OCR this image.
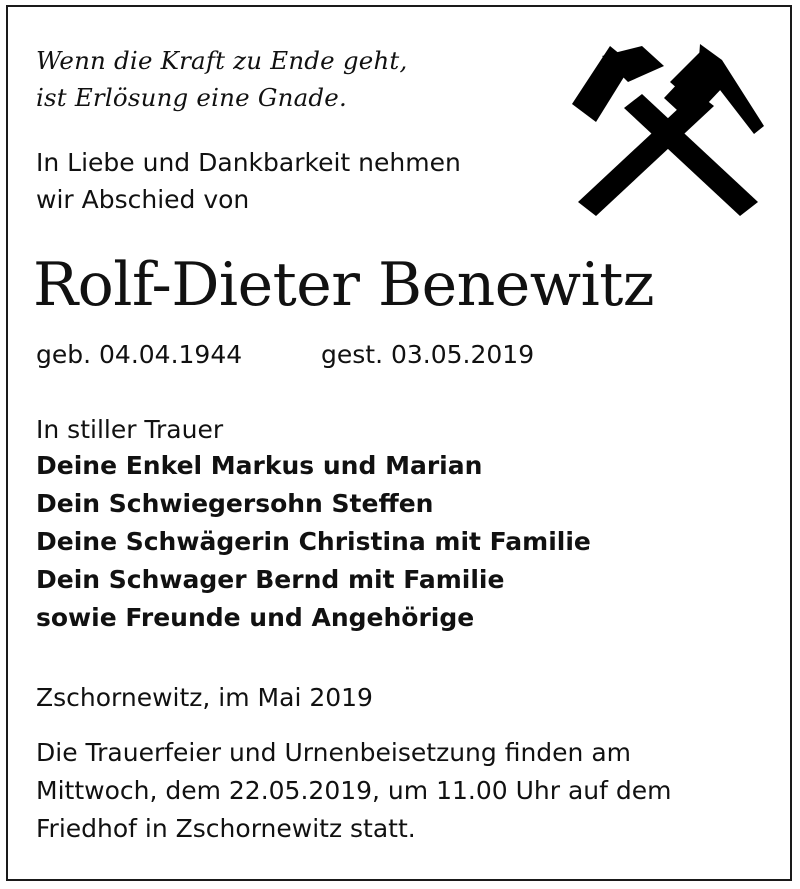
Wenn die Kraft zu Ende geht,
ist Erlösung eine Gnade.
In Liebe und Dankbarkeit nehmen
wir Abschied von
Rolf-Dieter Benewitz
geb. 04.04.1944	gest. 03.05.2019
In stiller Trauer
Deine Enkel Markus und Marian
Dein Schwiegersohn Steffen
Deine Schwägerin Christina mit Familie
Dein Schwager Bernd mit Familie
sowie Freunde und Angehörige
Zschornewitz, im Mai 2019
Die Trauerfeier und Urnenbeisetzung finden am
Mittwoch, dem 22.05.2019, um 11.00 Uhr auf dem
Friedhof in Zschornewitz statt.
